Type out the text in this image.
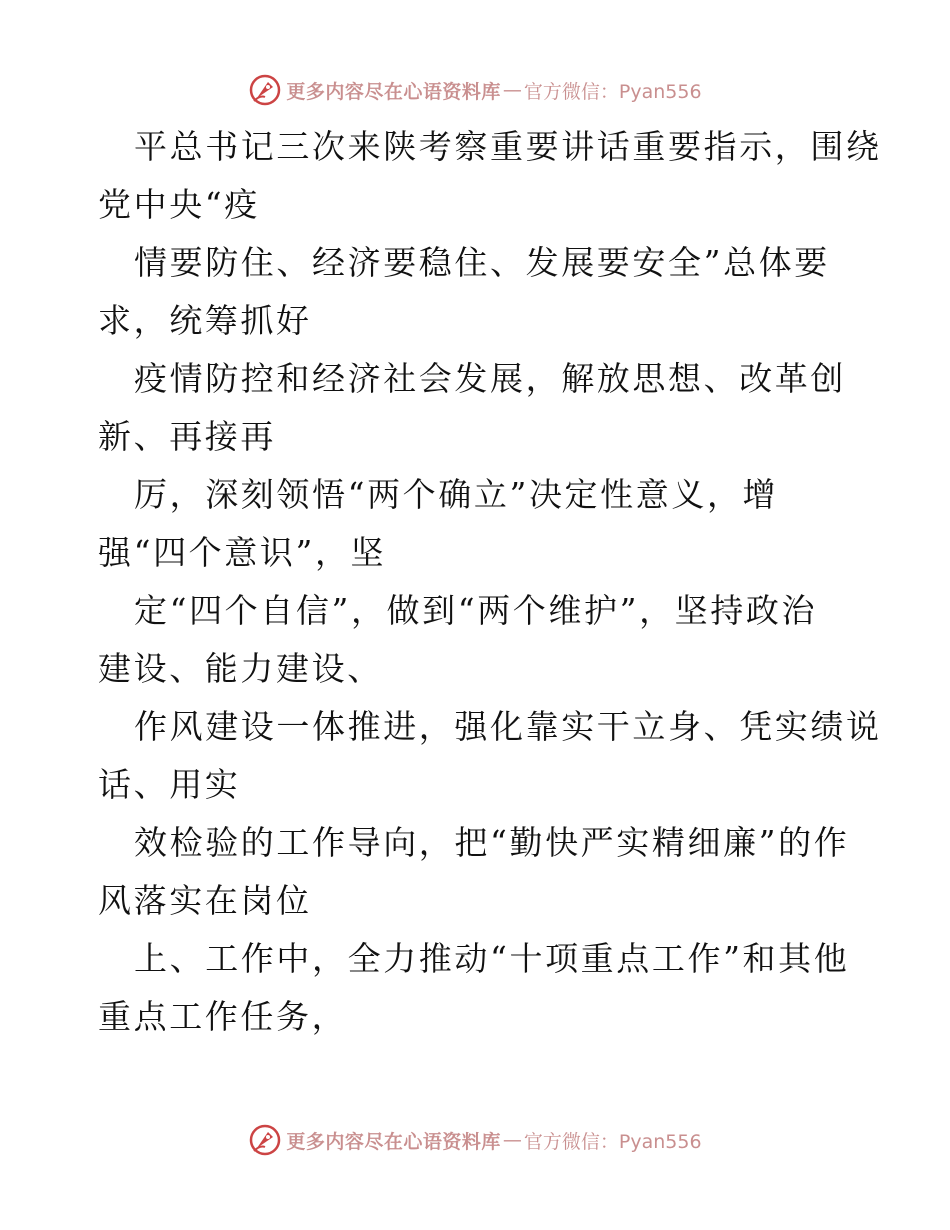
更多内容尽在心语资料库 — 官方微信：Pyan556
平总书记三次来陕考察重要讲话重要指示，围绕
党中央“疫
情要防住、经济要稳住、发展要安全”总体要
求，统筹抓好
疫情防控和经济社会发展，解放思想、改革创
新、再接再
厉，深刻领悟“两个确立”决定性意义，增
强“四个意识”，坚
定“四个自信”，做到“两个维护”，坚持政治
建设、能力建设、
作风建设一体推进，强化靠实干立身、凭实绩说
话、用实
效检验的工作导向，把“勤快严实精细廉”的作
风落实在岗位
上、工作中，全力推动“十项重点工作”和其他
重点工作任务，
更多内容尽在心语资料库 — 官方微信：Pyan556
